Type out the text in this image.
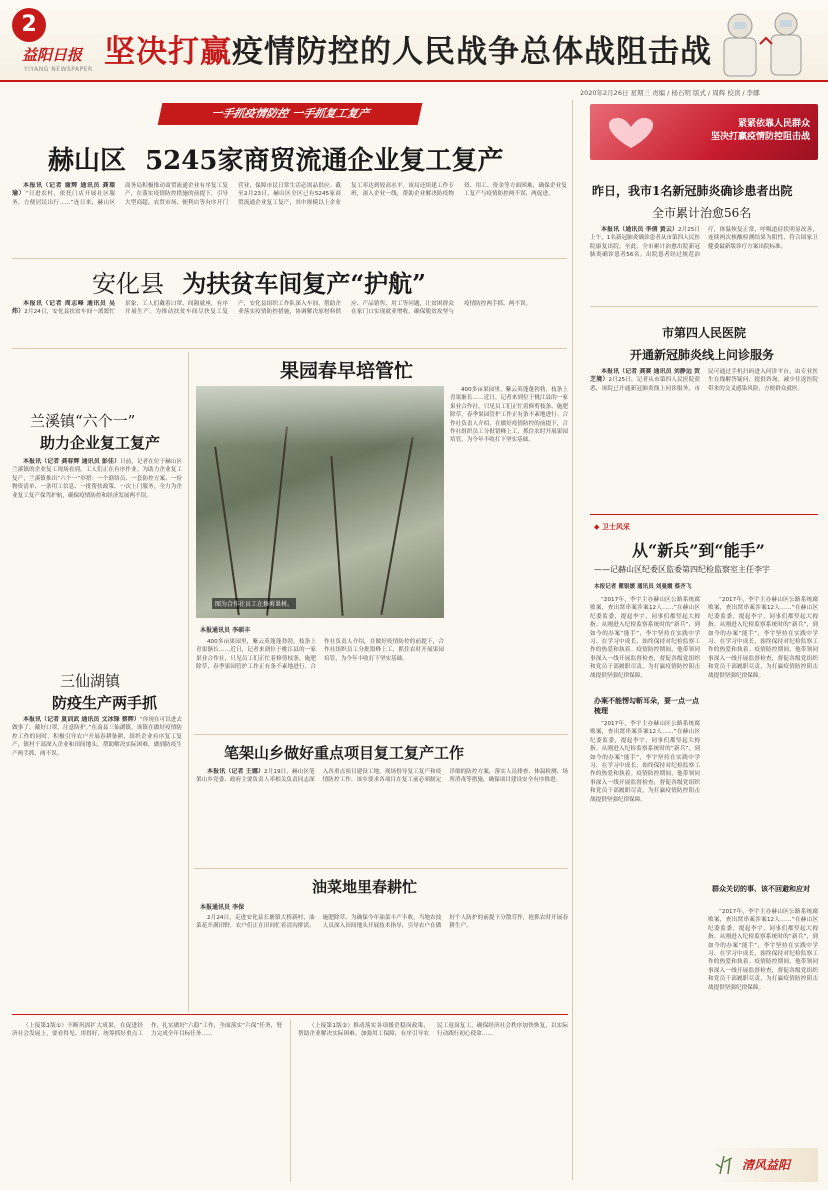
2
益阳日报
YIYANG NEWSPAPER 坚决打赢疫情防控的人民战争总体战阻击战
2020年2月26日 星期三 责编 / 杨石明 版式 / 周辉 校读 / 李娜
一手抓疫情防控 一手抓复工复产
赫山区 5245家商贸流通企业复工复产

本报讯（记者 谢辉 通讯员 龚璟瑜）“日进农村，依托门店开展社区服务，方便居民出行……”连日来，赫山区商务局积极推动商贸流通企业有序复工复产，在落实疫情防控措施的前提下，引导大型商超、农贸市场、便利店等有序开门营业，保障市民日常生活必需品供应。截至2月23日，赫山区全区已有5245家商贸流通企业复工复产，其中规模以上企业复工率达到较高水平。该局还组建工作专班，深入企业一线，帮助企业解决防疫物资、用工、资金等方面困难，确保企业复工复产与疫情防控两不误、两促进。

安化县 为扶贫车间复产“护航”

本报讯（记者 周志峰 通讯员 吴炜）2月24日，安化县扶贫车间一派繁忙景象，工人们戴着口罩、间隔就座，有序开展生产。为推动扶贫车间尽快复工复产，安化县组织工作队深入车间，帮助企业落实疫情防控措施，协调解决原材料供应、产品销售、用工等问题，让贫困群众在家门口实现就业增收，确保脱贫攻坚与疫情防控两手抓、两不误。

兰溪镇“六个一”
助力企业复工复产

本报讯（记者 龚春辉 通讯员 彭佳）日前，记者在位于赫山区兰溪镇的企业复工现场看到，工人们正在有序作业。为助力企业复工复产，兰溪镇推出“六个一”举措：一个联络员、一套防控方案、一份物资清单、一条用工信息、一批帮扶政策、一次上门服务，全力为企业复工复产保驾护航，确保疫情防控和经济发展两不误。

三仙湖镇
防疫生产两手抓

本报讯（记者 夏训武 通讯员 文冰锋 蔡辉）“你现在可以进去做事了，戴好口罩，注意防护。”在南县三仙湖镇，该镇在做好疫情防控工作的同时，积极引导农户开展春耕备耕，组织企业有序复工复产，镇村干部深入企业和田间地头，帮助解决实际困难，做到防疫生产两手抓、两不误。

果园春早培管忙
图为合作社员工在修剪果树。
本报通讯员 李硕丰

400多亩果园里，紫云英蓬蓬勃勃，枝条上青果渐长……近日，记者来到位于桃江县的一家果业合作社，只见员工们正忙着修剪枝条、施肥除草，春季果园管护工作正有条不紊地进行。合作社负责人介绍，在做好疫情防控的前提下，合作社组织员工分批错峰上工，抓住农时开展果园培管，为今年丰收打下坚实基础。

400多亩果园里，紫云英蓬蓬勃勃，枝条上青果渐长……近日，记者来到位于桃江县的一家果业合作社，只见员工们正忙着修剪枝条、施肥除草，春季果园管护工作正有条不紊地进行。合作社负责人介绍，在做好疫情防控的前提下，合作社组织员工分批错峰上工，抓住农时开展果园培管，为今年丰收打下坚实基础。

笔架山乡做好重点项目复工复产工作

本报讯（记者 王娜）2月19日，赫山区笔架山乡党委、政府主要负责人率相关负责同志深入各重点项目建设工地，现场督导复工复产和疫情防控工作。该乡要求各项目在复工前必须制定详细的防控方案，落实人员排查、体温检测、场所消毒等措施，确保项目建设安全有序推进。

油菜地里春耕忙
本报通讯员 李保

2月24日，走进安化县长塘镇大桥新村，油菜花开满田野，农户们正在田间忙着清沟排渍、施肥除草。为确保今年油菜丰产丰收，当地农技人员深入田间地头开展技术指导，引导农户在做好个人防护的前提下分散劳作，抢抓农时开展春耕生产。

（上接第1版①）不断巩固扩大成果，在促进经济社会发展上，要看得见、用得好，统筹抓好重点工作，扎实做好“六稳”工作，全面落实“六保”任务，努力完成全年目标任务……

（上接第1版②）推动落实各项援企稳岗政策，帮助企业解决实际困难，加强用工保障，有序引导农民工返岗复工，确保经济社会秩序加快恢复，以实际行动践行初心使命……

紧紧依靠人民群众
坚决打赢疫情防控阻击战
昨日，我市1名新冠肺炎确诊患者出院
全市累计治愈56名

本报讯（通讯员 李倩 黄云）2月25日上午，1名新冠肺炎确诊患者从市第四人民医院康复出院。至此，全市累计治愈出院新冠肺炎确诊患者56名。出院患者经过规范治疗，体温恢复正常，呼吸道症状明显改善，连续两次核酸检测结果为阴性，符合国家卫健委最新版诊疗方案出院标准。

市第四人民医院
开通新冠肺炎线上问诊服务

本报讯（记者 龚赛 通讯员 刘静远 贺芝境）2月25日，记者从市第四人民医院获悉，该院已开通新冠肺炎线上问诊服务，市民可通过手机扫码进入问诊平台，由专业医生在线解答疑问、提供咨询，减少往返医院带来的交叉感染风险，方便群众就医。

◆ 卫士风采
从“新兵”到“能手”
——记赫山区纪委区监委第四纪检监察室主任李宇
本报记者 瞿银媛 通讯员 刘曼霞 蔡齐飞

“2017年，李宇主办赫山区公路系统腐败案，查出窝串案涉案12人……”在赫山区纪委监委，提起李宇，同事们都竖起大拇指。从刚进入纪检监察系统时的“新兵”，到如今的办案“能手”，李宇坚持在实践中学习、在学习中成长，始终保持对纪检监察工作的热爱和执着。疫情防控期间，他带领同事深入一线开展监督检查，督促各级党组织和党员干部履职尽责，为打赢疫情防控阻击战提供坚强纪律保障。

办案不能愣勾斬耳朵，要一点一点梳理

“2017年，李宇主办赫山区公路系统腐败案，查出窝串案涉案12人……”在赫山区纪委监委，提起李宇，同事们都竖起大拇指。从刚进入纪检监察系统时的“新兵”，到如今的办案“能手”，李宇坚持在实践中学习、在学习中成长，始终保持对纪检监察工作的热爱和执着。疫情防控期间，他带领同事深入一线开展监督检查，督促各级党组织和党员干部履职尽责，为打赢疫情防控阻击战提供坚强纪律保障。

“2017年，李宇主办赫山区公路系统腐败案，查出窝串案涉案12人……”在赫山区纪委监委，提起李宇，同事们都竖起大拇指。从刚进入纪检监察系统时的“新兵”，到如今的办案“能手”，李宇坚持在实践中学习、在学习中成长，始终保持对纪检监察工作的热爱和执着。疫情防控期间，他带领同事深入一线开展监督检查，督促各级党组织和党员干部履职尽责，为打赢疫情防控阻击战提供坚强纪律保障。

群众关切的事、该不回避和应对

“2017年，李宇主办赫山区公路系统腐败案，查出窝串案涉案12人……”在赫山区纪委监委，提起李宇，同事们都竖起大拇指。从刚进入纪检监察系统时的“新兵”，到如今的办案“能手”，李宇坚持在实践中学习、在学习中成长，始终保持对纪检监察工作的热爱和执着。疫情防控期间，他带领同事深入一线开展监督检查，督促各级党组织和党员干部履职尽责，为打赢疫情防控阻击战提供坚强纪律保障。

清风益阳
